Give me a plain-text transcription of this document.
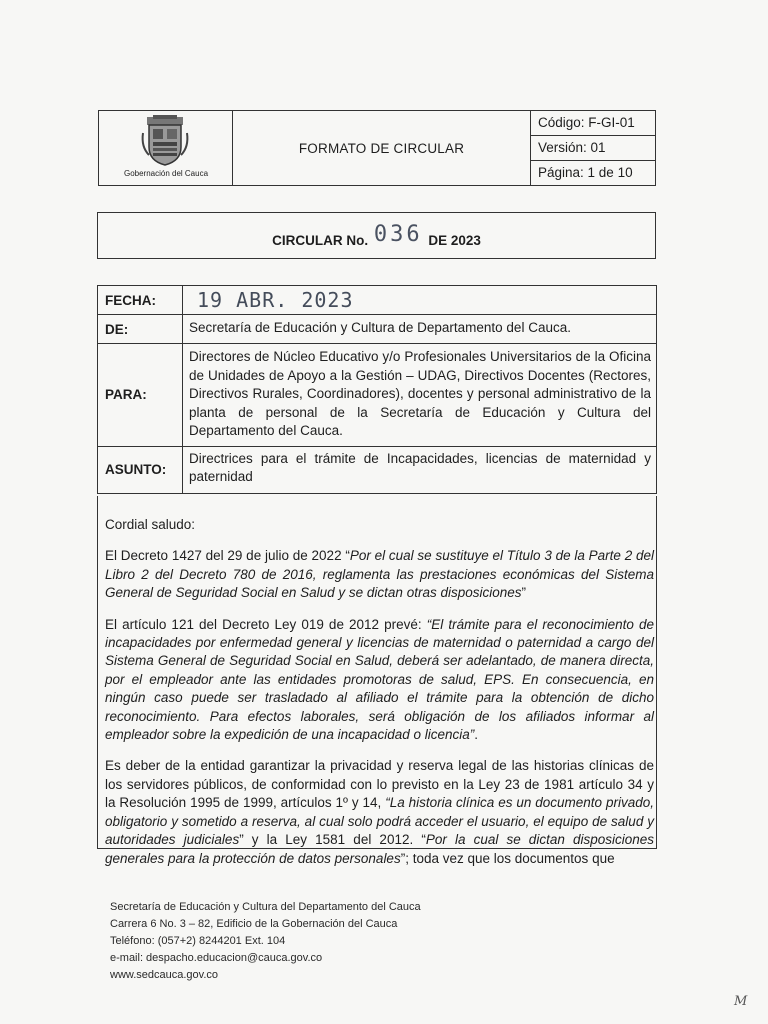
Gobernación del Cauca
FORMATO DE CIRCULAR
Código: F-GI-01
Versión: 01
Página: 1 de 10
CIRCULAR No. 036 DE 2023
FECHA:	19 ABR. 2023
DE:	Secretaría de Educación y Cultura de Departamento del Cauca.
PARA:
Directores de Núcleo Educativo y/o Profesionales Universitarios de la Oficina de Unidades de Apoyo a la Gestión – UDAG, Directivos Docentes (Rectores, Directivos Rurales, Coordinadores), docentes y personal administrativo de la planta de personal de la Secretaría de Educación y Cultura del Departamento del Cauca.
ASUNTO:
Directrices para el trámite de Incapacidades, licencias de maternidad y paternidad

Cordial saludo:

El Decreto 1427 del 29 de julio de 2022 “Por el cual se sustituye el Título 3 de la Parte 2 del Libro 2 del Decreto 780 de 2016, reglamenta las prestaciones económicas del Sistema General de Seguridad Social en Salud y se dictan otras disposiciones”

El artículo 121 del Decreto Ley 019 de 2012 prevé: “El trámite para el reconocimiento de incapacidades por enfermedad general y licencias de maternidad o paternidad a cargo del Sistema General de Seguridad Social en Salud, deberá ser adelantado, de manera directa, por el empleador ante las entidades promotoras de salud, EPS. En consecuencia, en ningún caso puede ser trasladado al afiliado el trámite para la obtención de dicho reconocimiento. Para efectos laborales, será obligación de los afiliados informar al empleador sobre la expedición de una incapacidad o licencia”.

Es deber de la entidad garantizar la privacidad y reserva legal de las historias clínicas de los servidores públicos, de conformidad con lo previsto en la Ley 23 de 1981 artículo 34 y la Resolución 1995 de 1999, artículos 1º y 14, “La historia clínica es un documento privado, obligatorio y sometido a reserva, al cual solo podrá acceder el usuario, el equipo de salud y autoridades judiciales” y la Ley 1581 del 2012. “Por la cual se dictan disposiciones generales para la protección de datos personales”; toda vez que los documentos que

Secretaría de Educación y Cultura del Departamento del Cauca
Carrera 6 No. 3 – 82, Edificio de la Gobernación del Cauca
Teléfono: (057+2) 8244201 Ext. 104
e-mail: despacho.educacion@cauca.gov.co
www.sedcauca.gov.co
M
